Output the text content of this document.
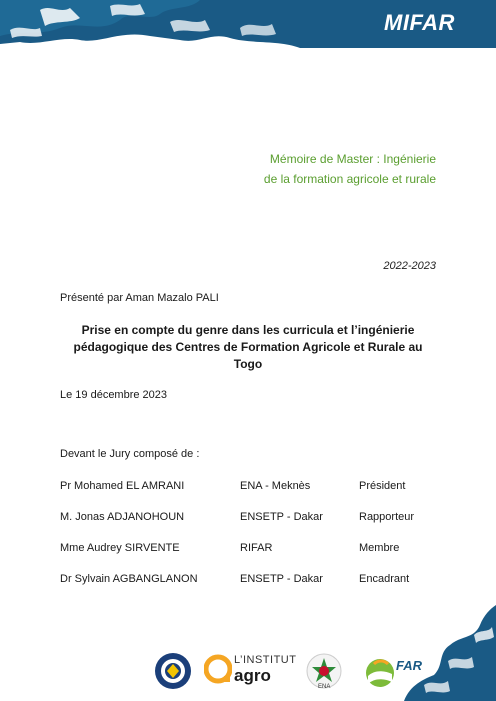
MIFAR
Mémoire de Master : Ingénierie
de la formation agricole et rurale
2022-2023
Présenté par Aman Mazalo PALI
Prise en compte du genre dans les curricula et l’ingénierie pédagogique des Centres de Formation Agricole et Rurale au Togo
Le 19 décembre 2023
Devant le Jury composé de :
Pr Mohamed EL AMRANI	ENA - Meknès	Président
M. Jonas ADJANOHOUN	ENSETP - Dakar	Rapporteur
Mme Audrey SIRVENTE	RIFAR	Membre
Dr Sylvain AGBANGLANON	ENSETP - Dakar	Encadrant
L’INSTITUT
agro
ENA
FAR
